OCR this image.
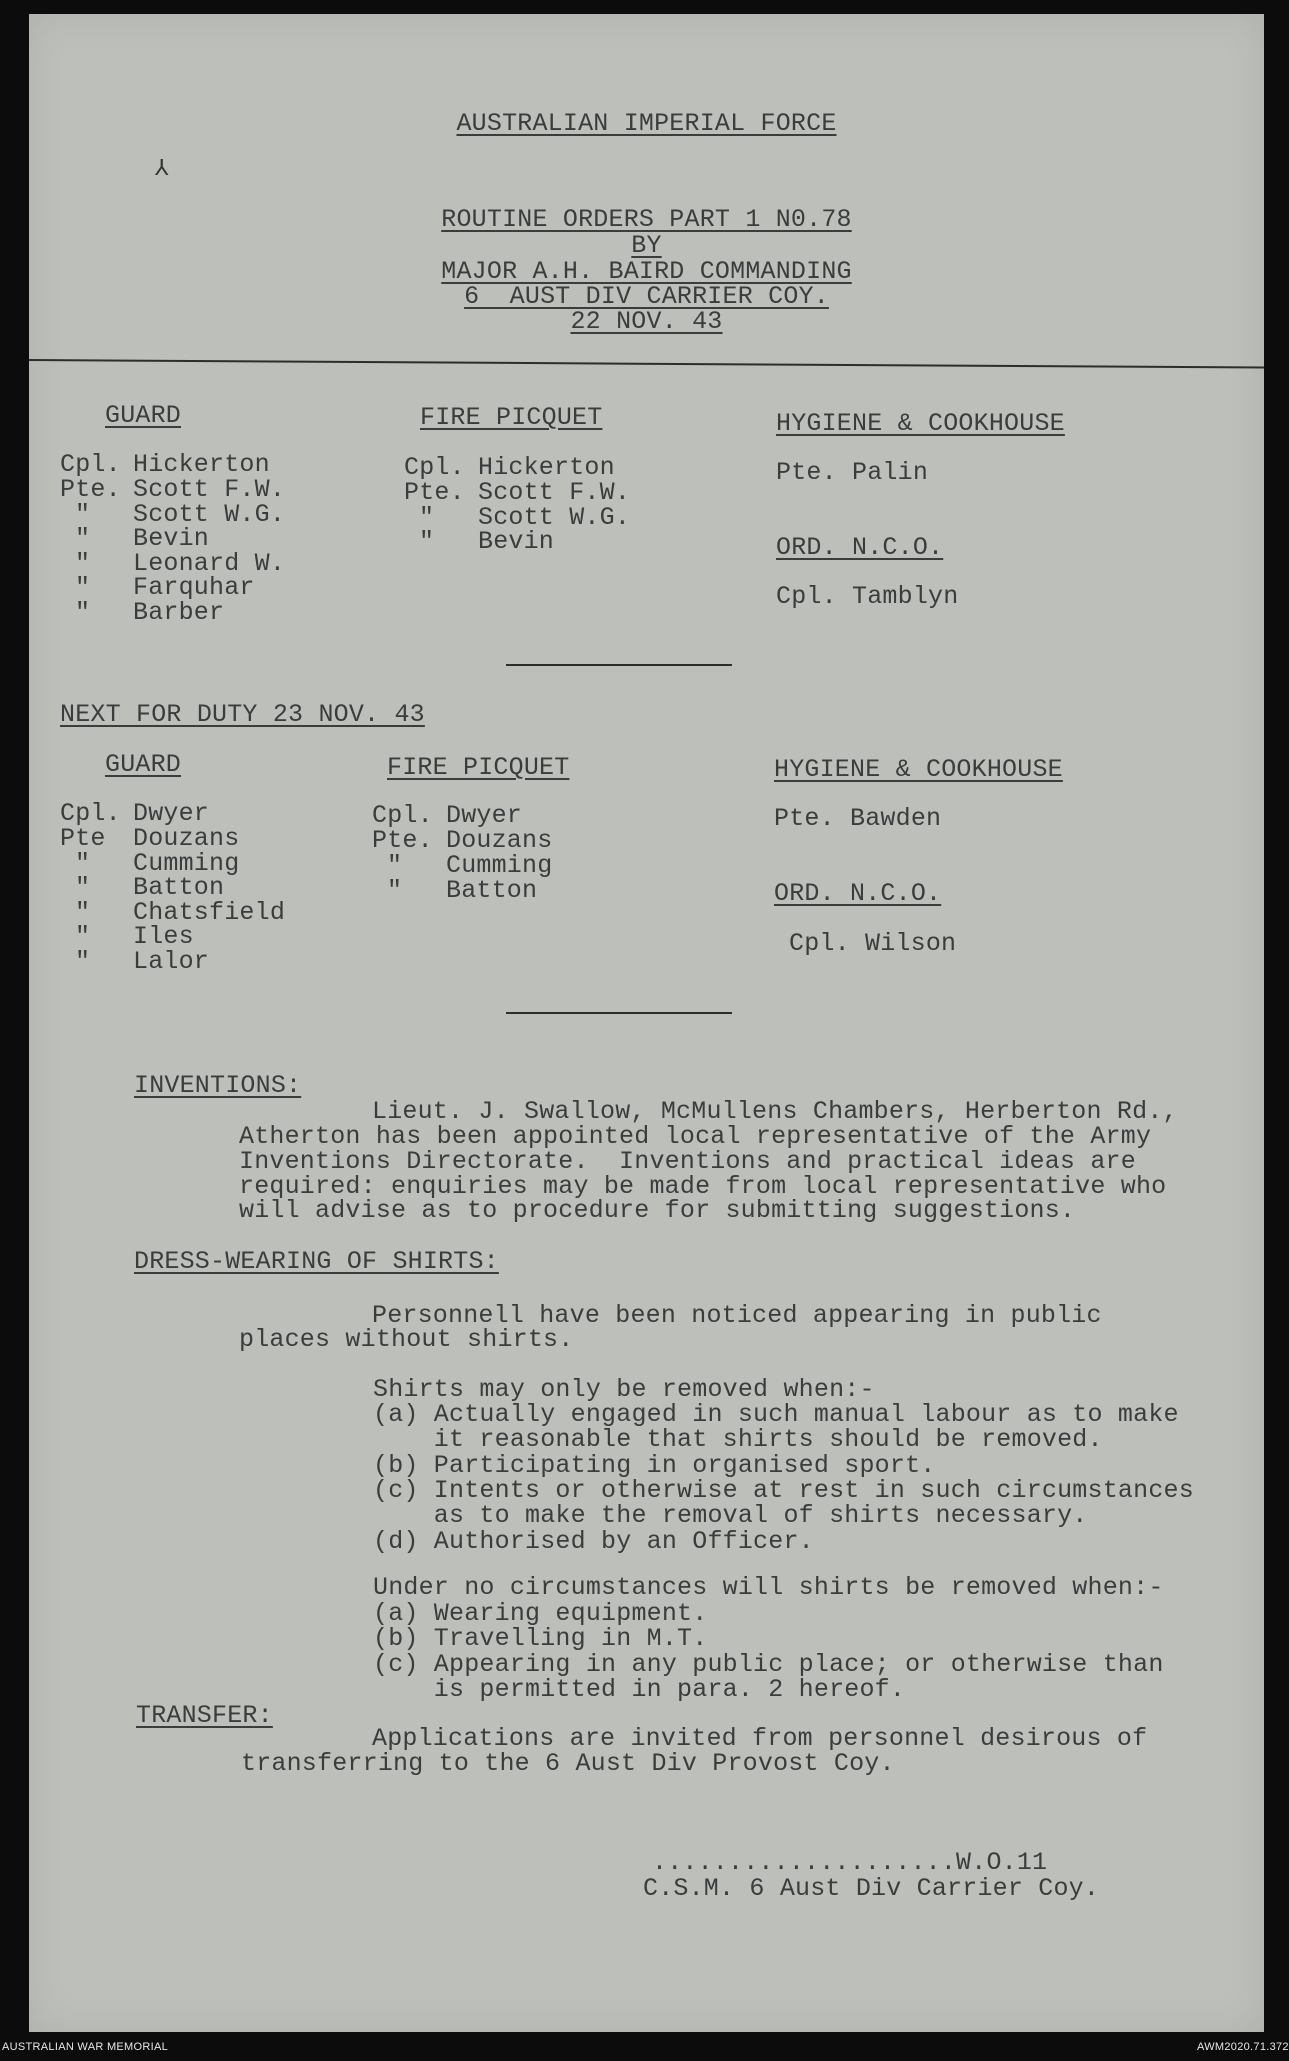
⅄
AUSTRALIAN IMPERIAL FORCE
ROUTINE ORDERS PART 1 N0.78
BY
MAJOR A.H. BAIRD COMMANDING
6  AUST DIV CARRIER COY.
22 NOV. 43
GUARD
Cpl. Hickerton
Pte. Scott F.W.
" Scott W.G.
" Bevin
" Leonard W.
" Farquhar
" Barber
FIRE PICQUET
Cpl. Hickerton
Pte. Scott F.W.
" Scott W.G.
" Bevin
HYGIENE & COOKHOUSE
Pte. Palin
ORD. N.C.O.
Cpl. Tamblyn
NEXT FOR DUTY 23 NOV. 43
GUARD
Cpl. Dwyer
Pte Douzans
" Cumming
" Batton
" Chatsfield
" Iles
" Lalor
FIRE PICQUET
Cpl. Dwyer
Pte. Douzans
" Cumming
" Batton
HYGIENE & COOKHOUSE
Pte. Bawden
ORD. N.C.O.
Cpl. Wilson
INVENTIONS:
Lieut. J. Swallow, McMullens Chambers, Herberton Rd.,
Atherton has been appointed local representative of the Army
Inventions Directorate.  Inventions and practical ideas are
required: enquiries may be made from local representative who
will advise as to procedure for submitting suggestions.
DRESS-WEARING OF SHIRTS:
Personnell have been noticed appearing in public
places without shirts.
Shirts may only be removed when:-
(a) Actually engaged in such manual labour as to make
it reasonable that shirts should be removed.
(b) Participating in organised sport.
(c) Intents or otherwise at rest in such circumstances
as to make the removal of shirts necessary.
(d) Authorised by an Officer.
Under no circumstances will shirts be removed when:-
(a) Wearing equipment.
(b) Travelling in M.T.
(c) Appearing in any public place; or otherwise than
is permitted in para. 2 hereof.
TRANSFER:
Applications are invited from personnel desirous of
transferring to the 6 Aust Div Provost Coy.
....................W.O.11
C.S.M. 6 Aust Div Carrier Coy.
AUSTRALIAN WAR MEMORIAL	AWM2020.71.372
